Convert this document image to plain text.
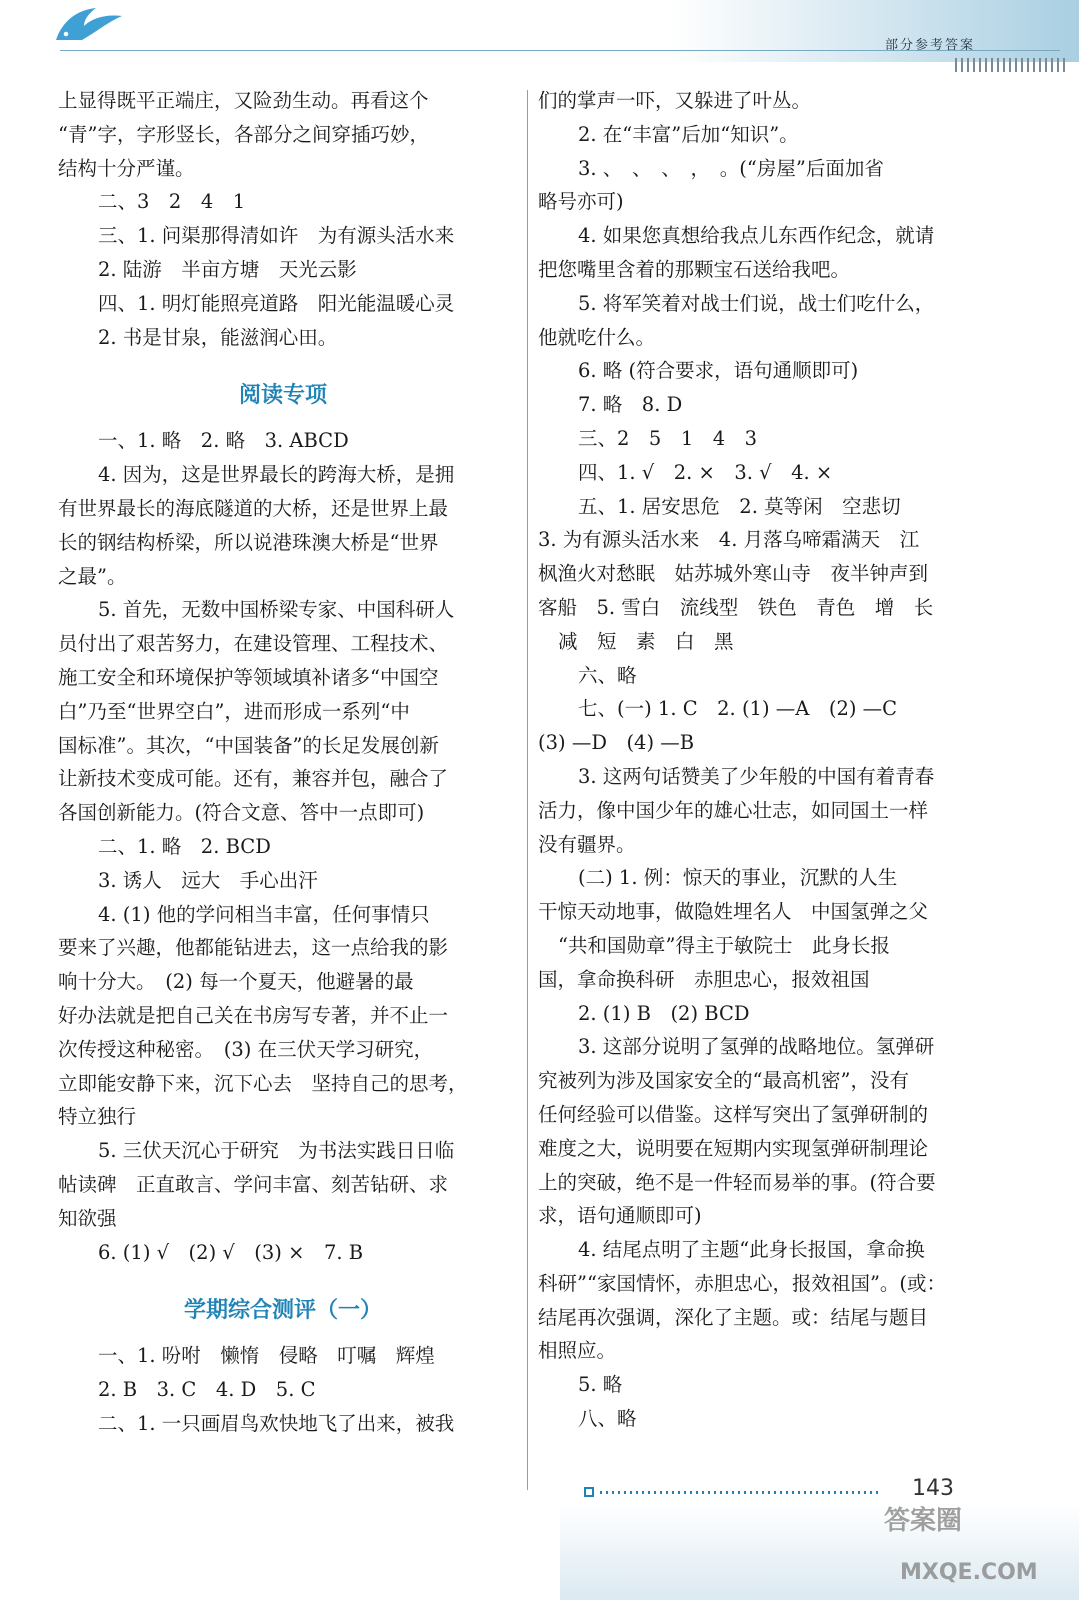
部分参考答案
上显得既平正端庄，又险劲生动。再看这个
“青”字，字形竖长，各部分之间穿插巧妙，
结构十分严谨。
二、3　2　4　1
三、1. 问渠那得清如许　为有源头活水来
2. 陆游　半亩方塘　天光云影
四、1. 明灯能照亮道路　阳光能温暖心灵
2. 书是甘泉，能滋润心田。
阅读专项
一、1. 略　2. 略　3. ABCD
4. 因为，这是世界最长的跨海大桥，是拥
有世界最长的海底隧道的大桥，还是世界上最
长的钢结构桥梁，所以说港珠澳大桥是“世界
之最”。
5. 首先，无数中国桥梁专家、中国科研人
员付出了艰苦努力，在建设管理、工程技术、
施工安全和环境保护等领域填补诸多“中国空
白”乃至“世界空白”，进而形成一系列“中
国标准”。其次，“中国装备”的长足发展创新
让新技术变成可能。还有，兼容并包，融合了
各国创新能力。(符合文意、答中一点即可)
二、1. 略　2. BCD
3. 诱人　远大　手心出汗
4. (1) 他的学问相当丰富，任何事情只
要来了兴趣，他都能钻进去，这一点给我的影
响十分大。　(2) 每一个夏天，他避暑的最
好办法就是把自己关在书房写专著，并不止一
次传授这种秘密。　(3) 在三伏天学习研究，
立即能安静下来，沉下心去　坚持自己的思考，
特立独行
5. 三伏天沉心于研究　为书法实践日日临
帖读碑　正直敢言、学问丰富、刻苦钻研、求
知欲强
6. (1) √　(2) √　(3) ×　7. B
学期综合测评（一）
一、1. 吩咐　懒惰　侵略　叮嘱　辉煌
2. B　3. C　4. D　5. C
二、1. 一只画眉鸟欢快地飞了出来，被我
们的掌声一吓，又躲进了叶丛。
2. 在“丰富”后加“知识”。
3. 、　、　、　，　。(“房屋”后面加省
略号亦可)
4. 如果您真想给我点儿东西作纪念，就请
把您嘴里含着的那颗宝石送给我吧。
5. 将军笑着对战士们说，战士们吃什么，
他就吃什么。
6. 略 (符合要求，语句通顺即可)
7. 略　8. D
三、2　5　1　4　3
四、1. √　2. ×　3. √　4. ×
五、1. 居安思危　2. 莫等闲　空悲切
3. 为有源头活水来　4. 月落乌啼霜满天　江
枫渔火对愁眠　姑苏城外寒山寺　夜半钟声到
客船　5. 雪白　流线型　铁色　青色　增　长
减　短　素　白　黑
六、略
七、(一) 1. C　2. (1) —A　(2) —C
(3) —D　(4) —B
3. 这两句话赞美了少年般的中国有着青春
活力，像中国少年的雄心壮志，如同国土一样
没有疆界。
(二) 1. 例：惊天的事业，沉默的人生
干惊天动地事，做隐姓埋名人　中国氢弹之父
“共和国勋章”得主于敏院士　此身长报
国，拿命换科研　赤胆忠心，报效祖国
2. (1) B　(2) BCD
3. 这部分说明了氢弹的战略地位。氢弹研
究被列为涉及国家安全的“最高机密”，没有
任何经验可以借鉴。这样写突出了氢弹研制的
难度之大，说明要在短期内实现氢弹研制理论
上的突破，绝不是一件轻而易举的事。(符合要
求，语句通顺即可)
4. 结尾点明了主题“此身长报国，拿命换
科研”“家国情怀，赤胆忠心，报效祖国”。(或：
结尾再次强调，深化了主题。或：结尾与题目
相照应。
5. 略
八、略
143
答案圈
MXQE.COM
